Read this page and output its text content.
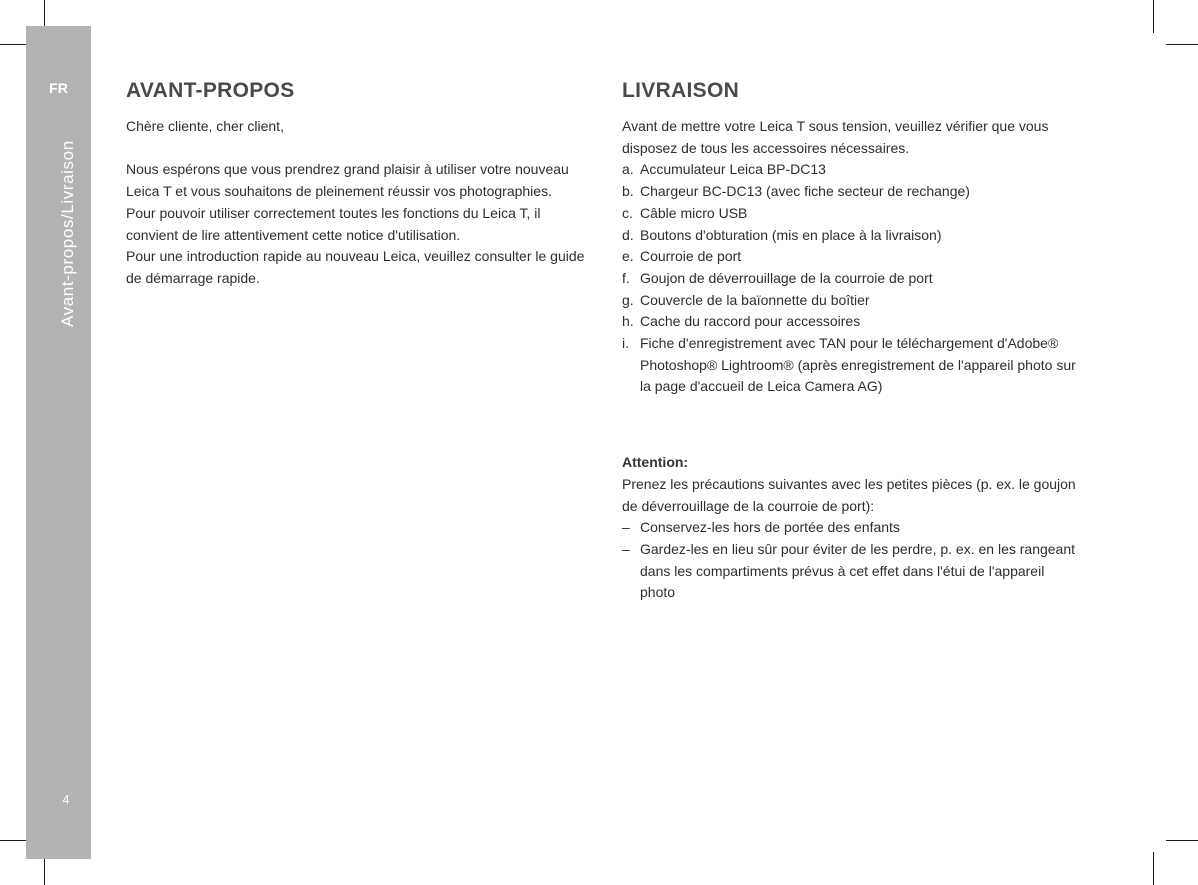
FR
Avant-propos/Livraison
4
AVANT-PROPOS

Chère cliente, cher client,

Nous espérons que vous prendrez grand plaisir à utiliser votre nouveau Leica T et vous souhaitons de pleinement réussir vos photographies.

Pour pouvoir utiliser correctement toutes les fonctions du Leica T, il convient de lire attentivement cette notice d'utilisation.

Pour une introduction rapide au nouveau Leica, veuillez consulter le guide de démarrage rapide.

LIVRAISON

Avant de mettre votre Leica T sous tension, veuillez vérifier que vous disposez de tous les accessoires nécessaires.

a. Accumulateur Leica BP-DC13
b. Chargeur BC-DC13 (avec fiche secteur de rechange)
c. Câble micro USB
d. Boutons d'obturation (mis en place à la livraison)
e. Courroie de port
f. Goujon de déverrouillage de la courroie de port
g. Couvercle de la baïonnette du boîtier
h. Cache du raccord pour accessoires
i. Fiche d'enregistrement avec TAN pour le téléchargement d'Adobe® Photoshop® Lightroom® (après enregistrement de l'appareil photo sur la page d'accueil de Leica Camera AG)

Attention:

Prenez les précautions suivantes avec les petites pièces (p. ex. le goujon de déverrouillage de la courroie de port):

– Conservez-les hors de portée des enfants
– Gardez-les en lieu sûr pour éviter de les perdre, p. ex. en les rangeant dans les compartiments prévus à cet effet dans l'étui de l'appareil photo
